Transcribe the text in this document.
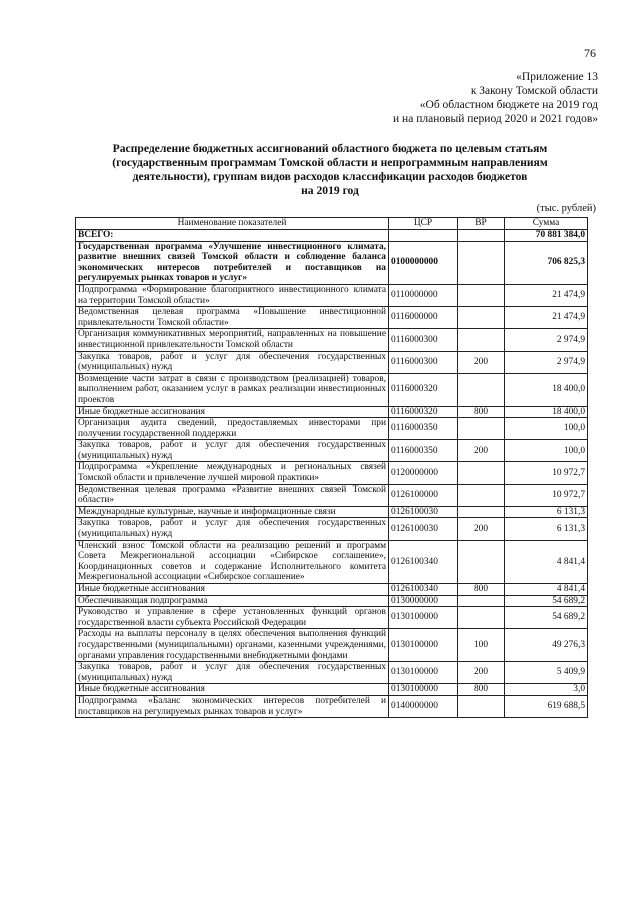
76
«Приложение 13
к Закону Томской области
«Об областном бюджете на 2019 год
и на плановый период 2020 и 2021 годов»
Распределение бюджетных ассигнований областного бюджета по целевым статьям
(государственным программам Томской области и непрограммным направлениям
деятельности), группам видов расходов классификации расходов бюджетов
на 2019 год
(тыс. рублей)
Наименование показателей	ЦСР	ВР	Сумма
ВСЕГО:			70 881 384,0
Государственная программа «Улучшение инвестиционного климата, развитие внешних связей Томской области и соблюдение баланса экономических интересов потребителей и поставщиков на регулируемых рынках товаров и услуг»	0100000000		706 825,3
Подпрограмма «Формирование благоприятного инвестиционного климата на территории Томской области»	0110000000		21 474,9
Ведомственная целевая программа «Повышение инвестиционной привлекательности Томской области»	0116000000		21 474,9
Организация коммуникативных мероприятий, направленных на повышение инвестиционной привлекательности Томской области	0116000300		2 974,9
Закупка товаров, работ и услуг для обеспечения государственных (муниципальных) нужд	0116000300	200	2 974,9
Возмещение части затрат в связи с производством (реализацией) товаров, выполнением работ, оказанием услуг в рамках реализации инвестиционных проектов	0116000320		18 400,0
Иные бюджетные ассигнования	0116000320	800	18 400,0
Организация аудита сведений, предоставляемых инвесторами при получении государственной поддержки	0116000350		100,0
Закупка товаров, работ и услуг для обеспечения государственных (муниципальных) нужд	0116000350	200	100,0
Подпрограмма «Укрепление международных и региональных связей Томской области и привлечение лучшей мировой практики»	0120000000		10 972,7
Ведомственная целевая программа «Развитие внешних связей Томской области»	0126100000		10 972,7
Международные культурные, научные и информационные связи	0126100030		6 131,3
Закупка товаров, работ и услуг для обеспечения государственных (муниципальных) нужд	0126100030	200	6 131,3
Членский взнос Томской области на реализацию решений и программ Совета Межрегиональной ассоциации «Сибирское соглашение», Координационных советов и содержание Исполнительного комитета Межрегиональной ассоциации «Сибирское соглашение»	0126100340		4 841,4
Иные бюджетные ассигнования	0126100340	800	4 841,4
Обеспечивающая подпрограмма	0130000000		54 689,2
Руководство и управление в сфере установленных функций органов государственной власти субъекта Российской Федерации	0130100000		54 689,2
Расходы на выплаты персоналу в целях обеспечения выполнения функций государственными (муниципальными) органами, казенными учреждениями, органами управления государственными внебюджетными фондами	0130100000	100	49 276,3
Закупка товаров, работ и услуг для обеспечения государственных (муниципальных) нужд	0130100000	200	5 409,9
Иные бюджетные ассигнования	0130100000	800	3,0
Подпрограмма «Баланс экономических интересов потребителей и поставщиков на регулируемых рынках товаров и услуг»	0140000000		619 688,5
